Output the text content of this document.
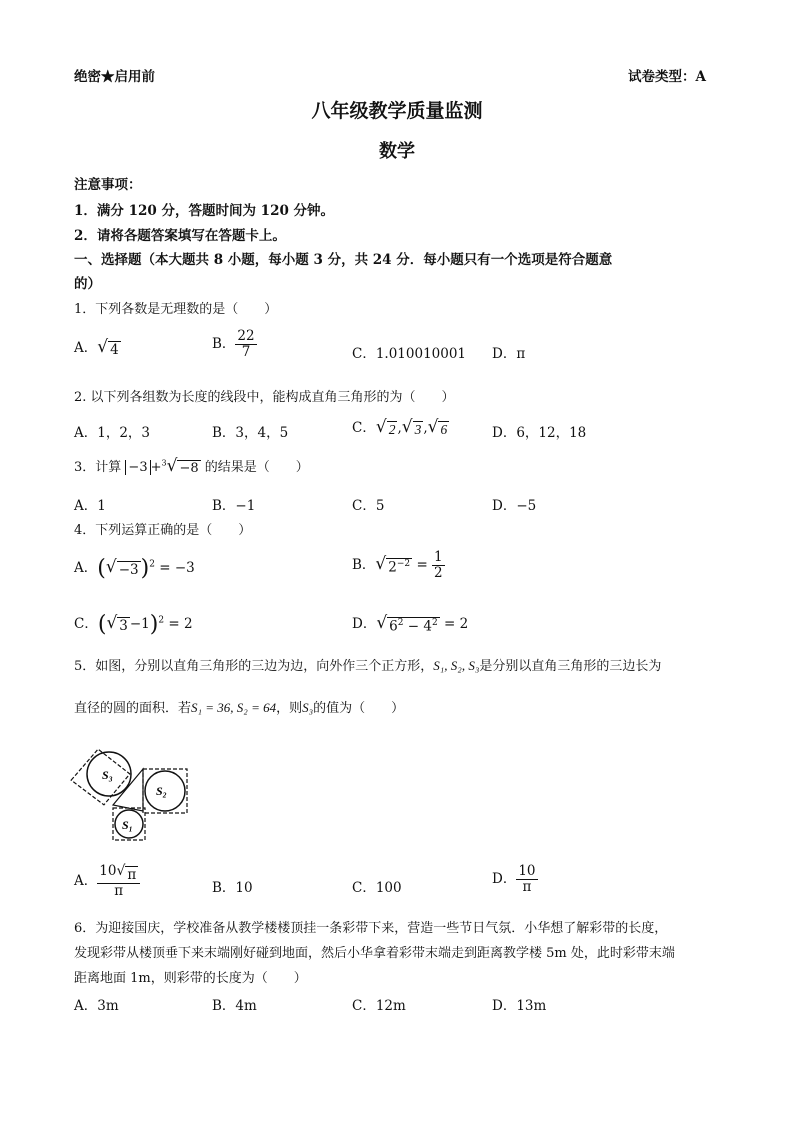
绝密★启用前	试卷类型：A
八年级教学质量监测
数学
注意事项：
1．满分 120 分，答题时间为 120 分钟。
2．请将各题答案填写在答题卡上。
一、选择题（本大题共 8 小题，每小题 3 分，共 24 分．每小题只有一个选项是符合题意
的）
1．下列各数是无理数的是（　　）
A． √ 4	B． $\frac{22}{7}$	C．1.010010001 D．π
2. 以下列各组数为长度的线段中，能构成直角三角形的为（　　）
A．1，2，3	B．3，4，5	C． √ 2 , √ 3 , √ 6	D．6，12，18
3．计算 −3 +$^3$ √ −8 的结果是（　　）
A．1	B．−1	C．5	D．−5
4．下列运算正确的是（　　）
A．( √ −3 )$^2$ = −3	B． √ $2^{-2} = \frac{1}{2}$
C．( √ 3 −1)$^2$ = 2	D． √ $6^2 - 4^2 = 2$
5．如图，分别以直角三角形的三边为边，向外作三个正方形，S₁, S₂, S₃是分别以直角三角形的三边长为
直径的圆的面积．若S₁ = 36, S₂ = 64，则S₃的值为（　　）
S₃
S₂
S₁
A． $\frac{10 √ \pi}{\pi}$	B．10	C．100
D． $\frac{10}{\pi}$
6．为迎接国庆，学校准备从教学楼楼顶挂一条彩带下来，营造一些节日气氛．小华想了解彩带的长度，
发现彩带从楼顶垂下来末端刚好碰到地面，然后小华拿着彩带末端走到距离教学楼 5m 处，此时彩带末端
距离地面 1m，则彩带的长度为（　　）
A．3m	B．4m	C．12m	D．13m
